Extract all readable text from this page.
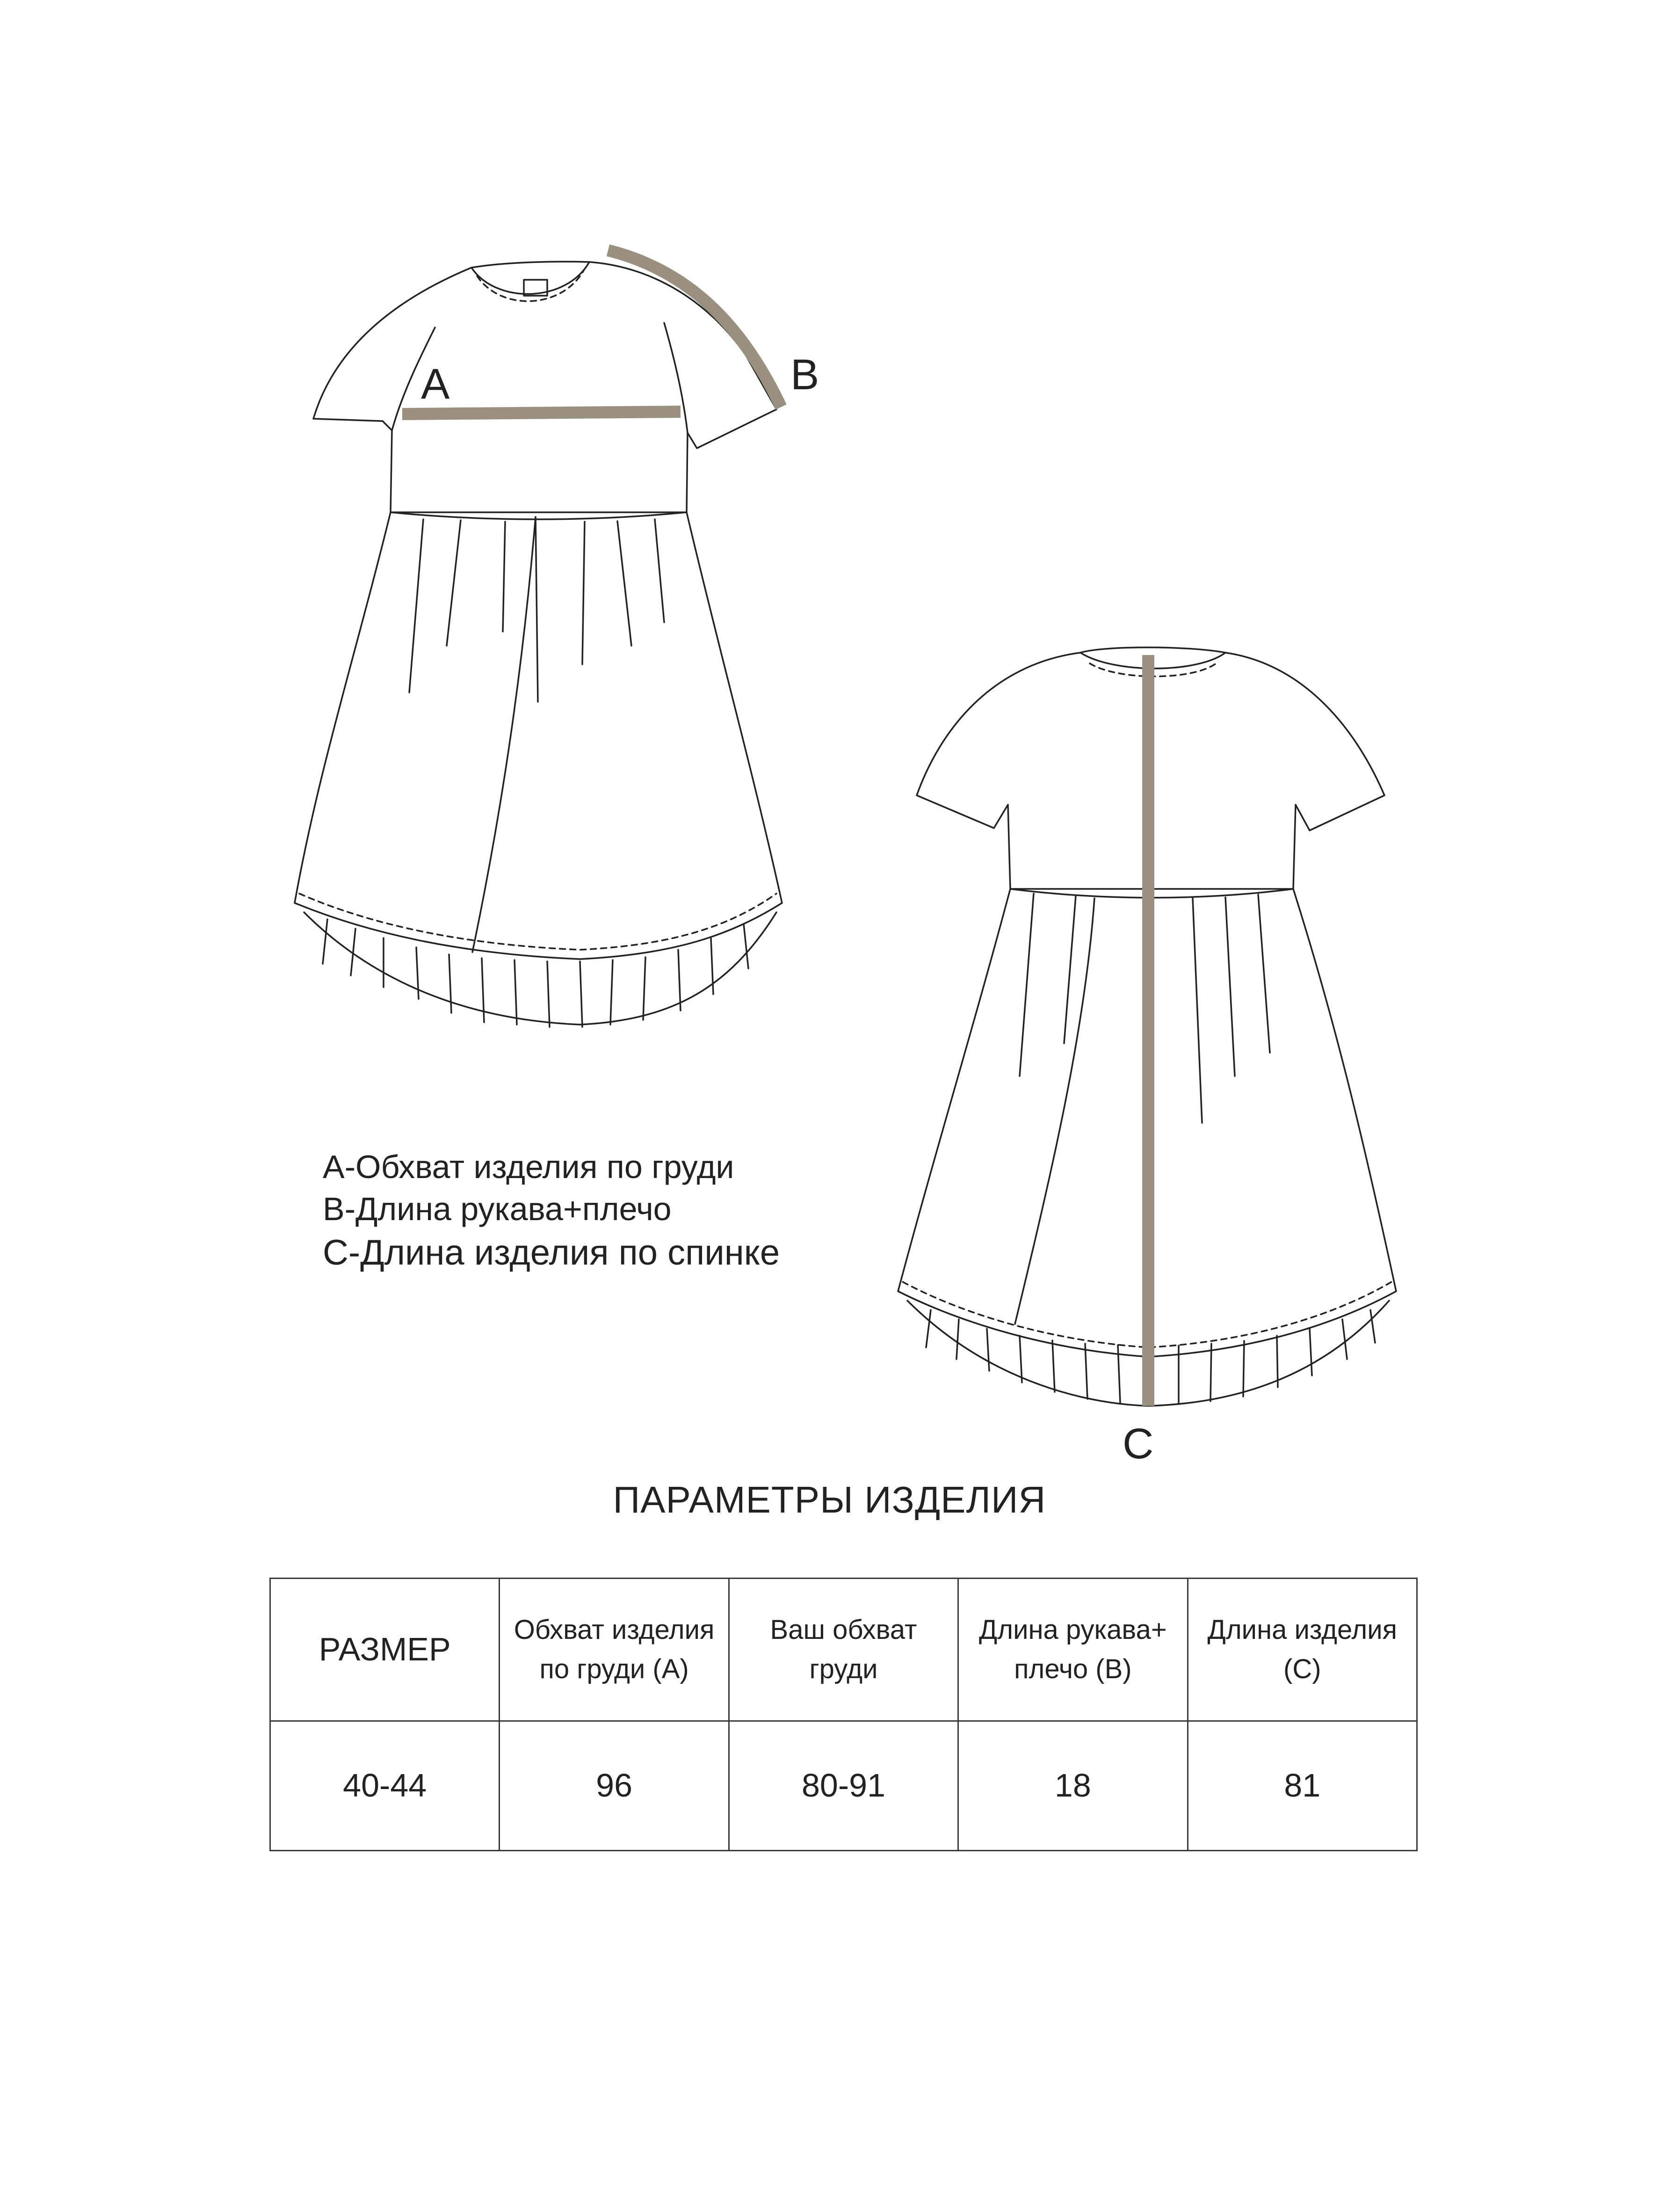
A	B
C
A-Обхват изделия по груди
B-Длина рукава+плечо
C-Длина изделия по спинке
ПАРАМЕТРЫ ИЗДЕЛИЯ
РАЗМЕР	Обхват изделия по груди (А)	Ваш обхват груди	Длина рукава+ плечо (В)	Длина изделия (С)
40-44	96	80-91	18	81
